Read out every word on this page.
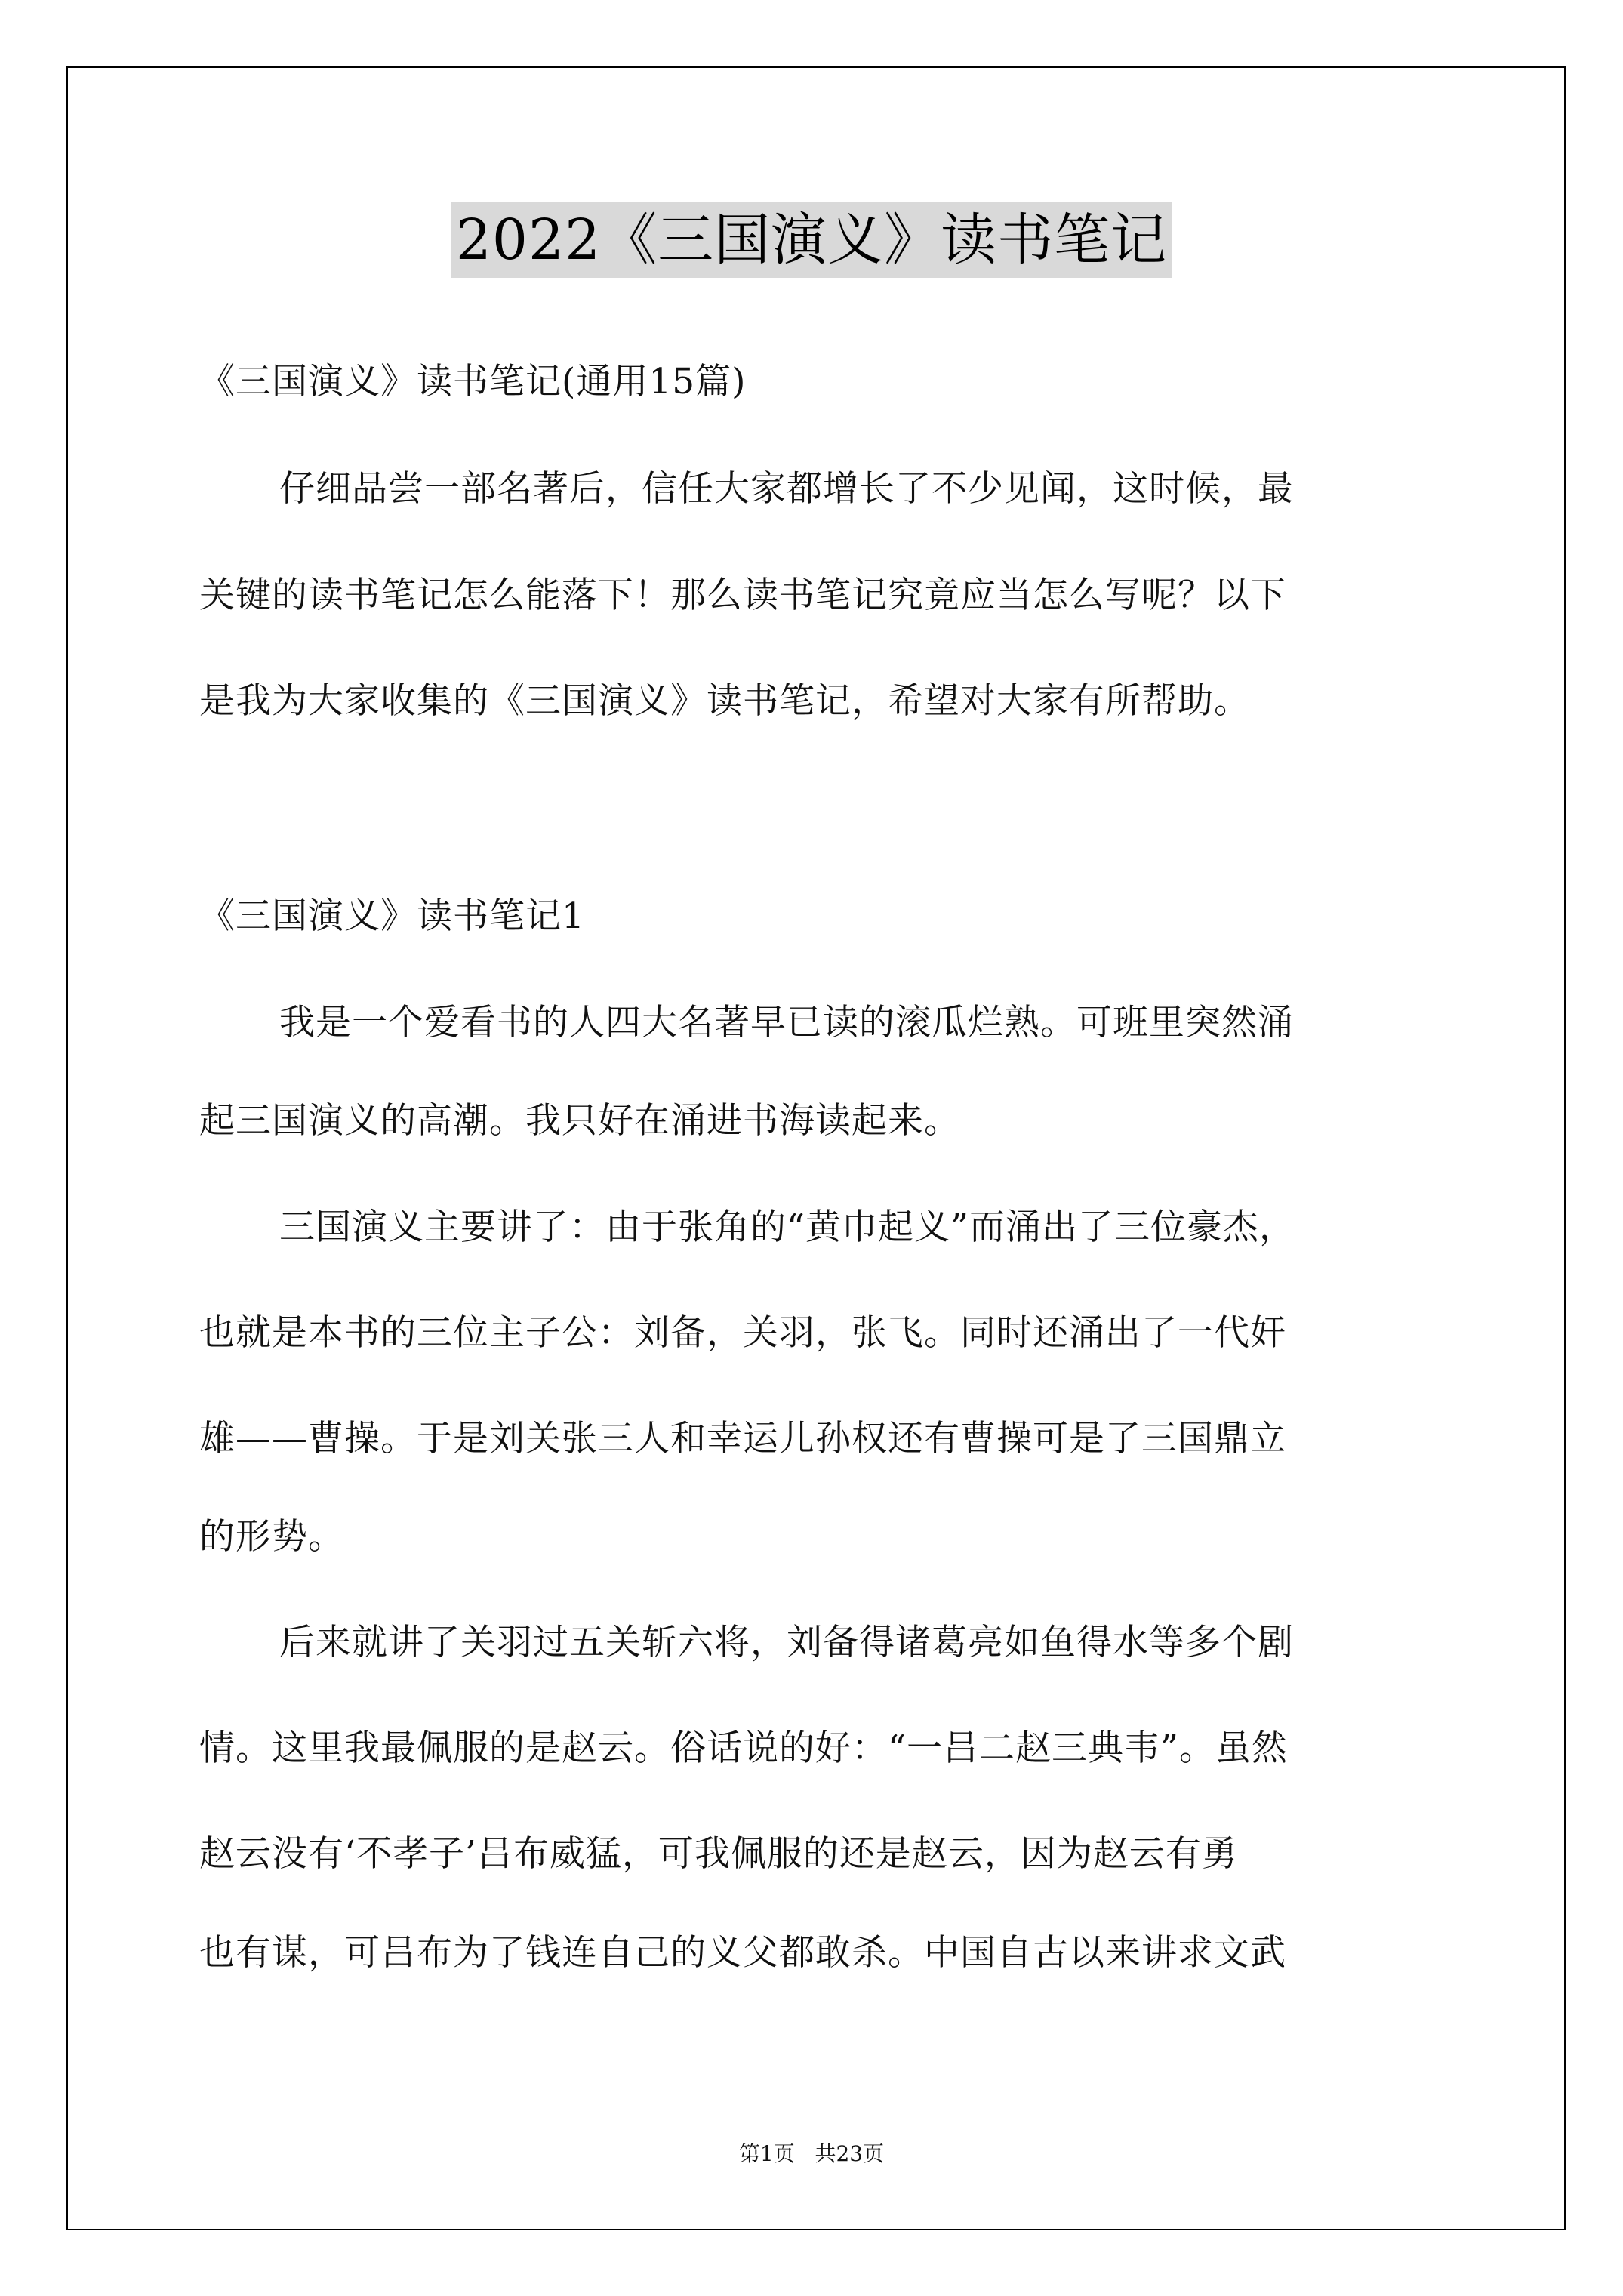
2022《三国演义》读书笔记

《三国演义》读书笔记(通用15篇)

仔细品尝一部名著后，信任大家都增长了不少见闻，这时候，最

关键的读书笔记怎么能落下！那么读书笔记究竟应当怎么写呢？以下

是我为大家收集的《三国演义》读书笔记，希望对大家有所帮助。

《三国演义》读书笔记1

我是一个爱看书的人四大名著早已读的滚瓜烂熟。可班里突然涌

起三国演义的高潮。我只好在涌进书海读起来。

三国演义主要讲了：由于张角的“黄巾起义”而涌出了三位豪杰，

也就是本书的三位主子公：刘备，关羽，张飞。同时还涌出了一代奸

雄——曹操。于是刘关张三人和幸运儿孙权还有曹操可是了三国鼎立

的形势。

后来就讲了关羽过五关斩六将，刘备得诸葛亮如鱼得水等多个剧

情。这里我最佩服的是赵云。俗话说的好：“一吕二赵三典韦”。虽然

赵云没有‘不孝子’吕布威猛，可我佩服的还是赵云，因为赵云有勇

也有谋，可吕布为了钱连自己的义父都敢杀。中国自古以来讲求文武

第1页   共23页
